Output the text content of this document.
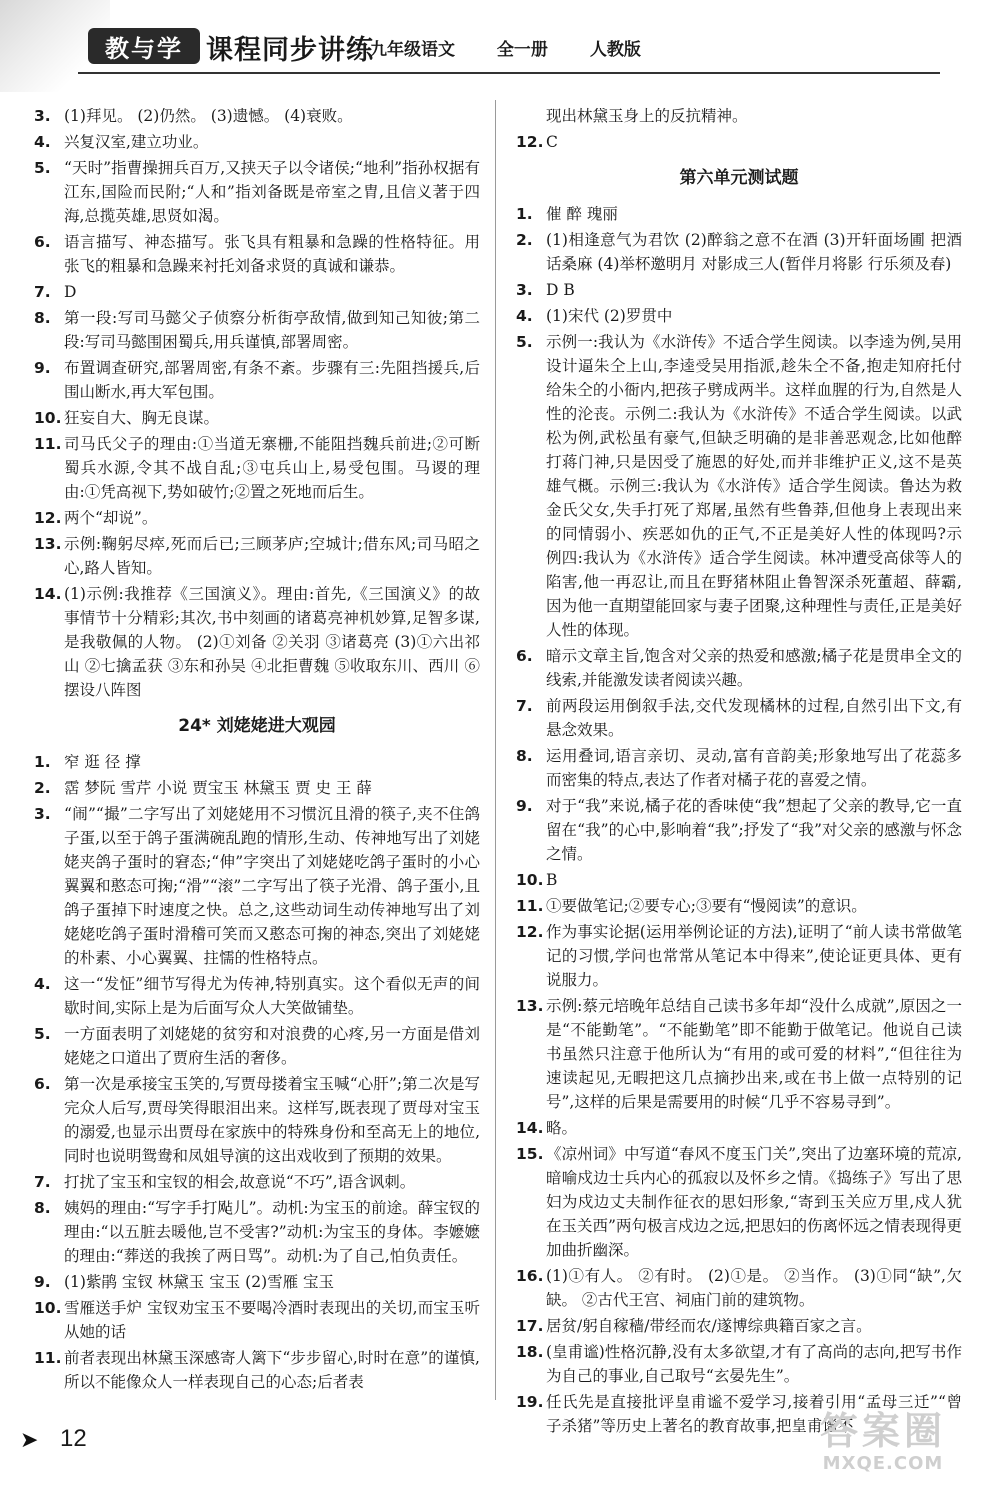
教与学 课程同步讲练
九年级语文 全一册 人教版
3. (1)拜见。 (2)仍然。 (3)遗憾。 (4)衰败。
4. 兴复汉室,建立功业。
5. “天时”指曹操拥兵百万,又挟天子以令诸侯;“地利”指孙权据有江东,国险而民附;“人和”指刘备既是帝室之胄,且信义著于四海,总揽英雄,思贤如渴。
6. 语言描写、神态描写。张飞具有粗暴和急躁的性格特征。用张飞的粗暴和急躁来衬托刘备求贤的真诚和谦恭。
7. D
8. 第一段:写司马懿父子侦察分析街亭敌情,做到知己知彼;第二段:写司马懿围困蜀兵,用兵谨慎,部署周密。
9. 布置调查研究,部署周密,有条不紊。步骤有三:先阻挡援兵,后围山断水,再大军包围。
10. 狂妄自大、胸无良谋。
11. 司马氏父子的理由:①当道无寨栅,不能阻挡魏兵前进;②可断蜀兵水源,令其不战自乱;③屯兵山上,易受包围。马谡的理由:①凭高视下,势如破竹;②置之死地而后生。
12. 两个“却说”。
13. 示例:鞠躬尽瘁,死而后已;三顾茅庐;空城计;借东风;司马昭之心,路人皆知。
14. (1)示例:我推荐《三国演义》。理由:首先,《三国演义》的故事情节十分精彩;其次,书中刻画的诸葛亮神机妙算,足智多谋,是我敬佩的人物。 (2)①刘备 ②关羽 ③诸葛亮 (3)①六出祁山 ②七擒孟获 ③东和孙吴 ④北拒曹魏 ⑤收取东川、西川 ⑥摆设八阵图
24* 刘姥姥进大观园
1. 窄 逛 径 撑
2. 霑 梦阮 雪芹 小说 贾宝玉 林黛玉 贾 史 王 薛
3. “闹”“撮”二字写出了刘姥姥用不习惯沉且滑的筷子,夹不住鸽子蛋,以至于鸽子蛋满碗乱跑的情形,生动、传神地写出了刘姥姥夹鸽子蛋时的窘态;“伸”字突出了刘姥姥吃鸽子蛋时的小心翼翼和憨态可掬;“滑”“滚”二字写出了筷子光滑、鸽子蛋小,且鸽子蛋掉下时速度之快。总之,这些动词生动传神地写出了刘姥姥吃鸽子蛋时滑稽可笑而又憨态可掬的神态,突出了刘姥姥的朴素、小心翼翼、拄懦的性格特点。
4. 这一“发怔”细节写得尤为传神,特别真实。这个看似无声的间歇时间,实际上是为后面写众人大笑做铺垫。
5. 一方面表明了刘姥姥的贫穷和对浪费的心疼,另一方面是借刘姥姥之口道出了贾府生活的奢侈。
6. 第一次是承接宝玉笑的,写贾母搂着宝玉喊“心肝”;第二次是写完众人后写,贾母笑得眼泪出来。这样写,既表现了贾母对宝玉的溺爱,也显示出贾母在家族中的特殊身份和至高无上的地位,同时也说明鸳鸯和凤姐导演的这出戏收到了预期的效果。
7. 打扰了宝玉和宝钗的相会,故意说“不巧”,语含讽刺。
8. 姨妈的理由:“写字手打飐儿”。动机:为宝玉的前途。薛宝钗的理由:“以五脏去暖他,岂不受害?”动机:为宝玉的身体。李嬷嬷的理由:“葬送的我挨了两日骂”。动机:为了自己,怕负责任。
9. (1)紫鹃 宝钗 林黛玉 宝玉 (2)雪雁 宝玉
10. 雪雁送手炉 宝钗劝宝玉不要喝冷酒时表现出的关切,而宝玉听从她的话
11. 前者表现出林黛玉深感寄人篱下“步步留心,时时在意”的谨慎,所以不能像众人一样表现自己的心态;后者表
现出林黛玉身上的反抗精神。
12. C
第六单元测试题
1. 催 醉 瑰丽
2. (1)相逢意气为君饮 (2)醉翁之意不在酒 (3)开轩面场圃 把酒话桑麻 (4)举杯邀明月 对影成三人(暂伴月将影 行乐须及春)
3. D B
4. (1)宋代 (2)罗贯中
5. 示例一:我认为《水浒传》不适合学生阅读。以李逵为例,吴用设计逼朱仝上山,李逵受吴用指派,趁朱仝不备,抱走知府托付给朱仝的小衙内,把孩子劈成两半。这样血腥的行为,自然是人性的沦丧。示例二:我认为《水浒传》不适合学生阅读。以武松为例,武松虽有豪气,但缺乏明确的是非善恶观念,比如他醉打蒋门神,只是因受了施恩的好处,而并非维护正义,这不是英雄气概。示例三:我认为《水浒传》适合学生阅读。鲁达为救金氏父女,失手打死了郑屠,虽然有些鲁莽,但他身上表现出来的同情弱小、疾恶如仇的正气,不正是美好人性的体现吗?示例四:我认为《水浒传》适合学生阅读。林冲遭受高俅等人的陷害,他一再忍让,而且在野猪林阻止鲁智深杀死董超、薛霸,因为他一直期望能回家与妻子团聚,这种理性与责任,正是美好人性的体现。
6. 暗示文章主旨,饱含对父亲的热爱和感激;橘子花是贯串全文的线索,并能激发读者阅读兴趣。
7. 前两段运用倒叙手法,交代发现橘林的过程,自然引出下文,有悬念效果。
8. 运用叠词,语言亲切、灵动,富有音韵美;形象地写出了花蕊多而密集的特点,表达了作者对橘子花的喜爱之情。
9. 对于“我”来说,橘子花的香味使“我”想起了父亲的教导,它一直留在“我”的心中,影响着“我”;抒发了“我”对父亲的感激与怀念之情。
10. B
11. ①要做笔记;②要专心;③要有“慢阅读”的意识。
12. 作为事实论据(运用举例论证的方法),证明了“前人读书常做笔记的习惯,学问也常常从笔记本中得来”,使论证更具体、更有说服力。
13. 示例:蔡元培晚年总结自己读书多年却“没什么成就”,原因之一是“不能勤笔”。“不能勤笔”即不能勤于做笔记。他说自己读书虽然只注意于他所认为“有用的或可爱的材料”,“但往往为速读起见,无暇把这几点摘抄出来,或在书上做一点特别的记号”,这样的后果是需要用的时候“几乎不容易寻到”。
14. 略。
15. 《凉州词》中写道“春风不度玉门关”,突出了边塞环境的荒凉,暗喻戍边士兵内心的孤寂以及怀乡之情。《捣练子》写出了思妇为戍边丈夫制作征衣的思妇形象,“寄到玉关应万里,戍人犹在玉关西”两句极言戍边之远,把思妇的伤离怀远之情表现得更加曲折幽深。
16. (1)①有人。 ②有时。 (2)①是。 ②当作。 (3)①同“缺”,欠缺。 ②古代王宫、祠庙门前的建筑物。
17. 居贫/躬自稼穑/带经而农/遂博综典籍百家之言。
18. (皇甫谧)性格沉静,没有太多欲望,才有了高尚的志向,把写书作为自己的事业,自己取号“玄晏先生”。
19. 任氏先是直接批评皇甫谧不爱学习,接着引用“孟母三迁”“曾子杀猪”等历史上著名的教育故事,把皇甫谧不
➤ 12	答案圈
MXQE.COM
